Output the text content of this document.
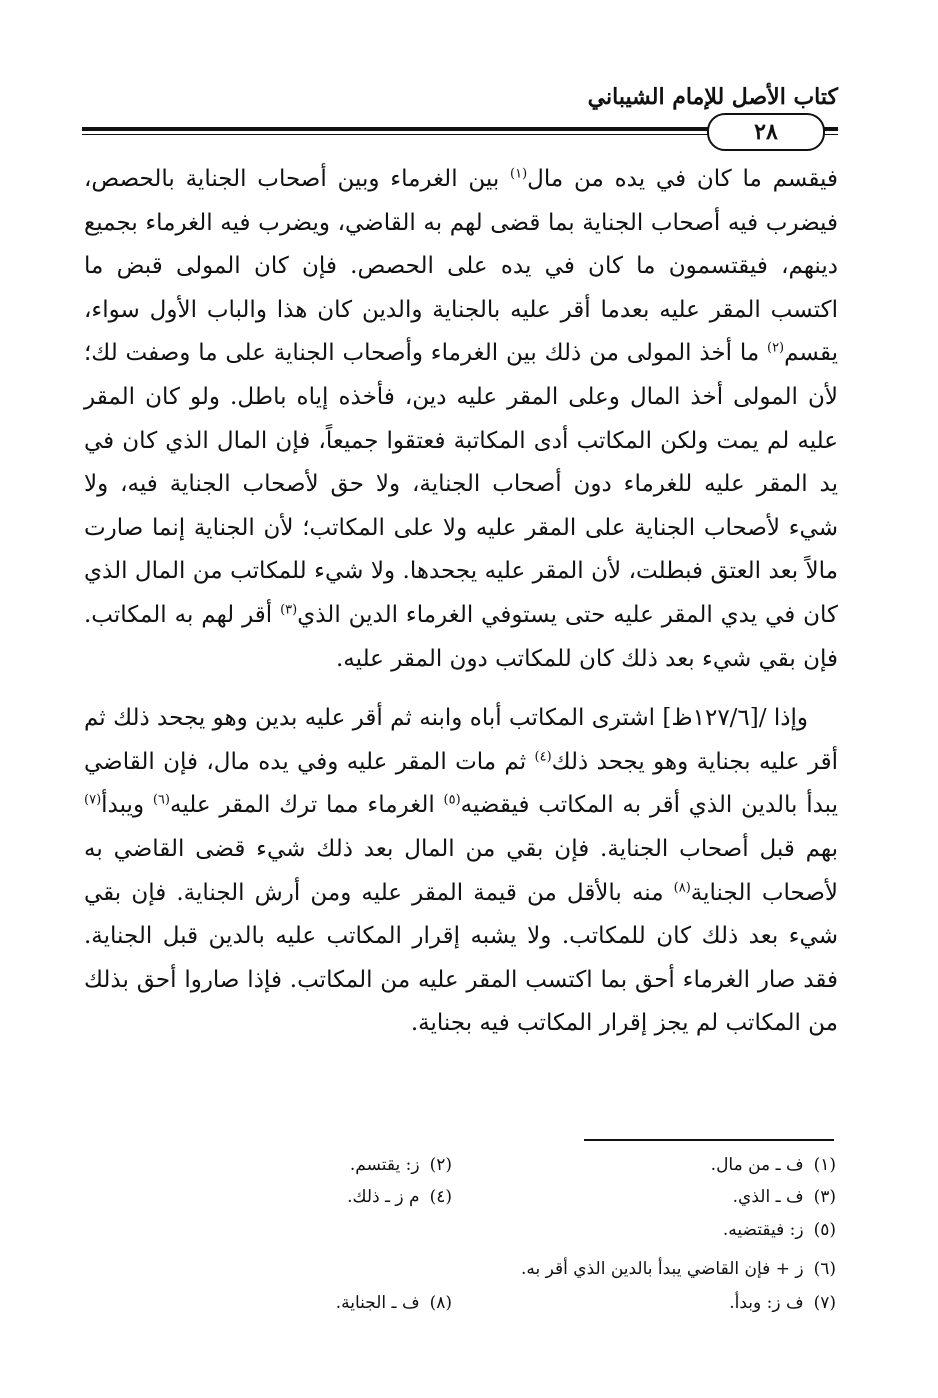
كتاب الأصل للإمام الشيباني
٢٨

فيقسم ما كان في يده من مال$^{(١)}$ بين الغرماء وبين أصحاب الجناية بالحصص، فيضرب فيه أصحاب الجناية بما قضى لهم به القاضي، ويضرب فيه الغرماء بجميع دينهم، فيقتسمون ما كان في يده على الحصص. فإن كان المولى قبض ما اكتسب المقر عليه بعدما أقر عليه بالجناية والدين كان هذا والباب الأول سواء، يقسم$^{(٢)}$ ما أخذ المولى من ذلك بين الغرماء وأصحاب الجناية على ما وصفت لك؛ لأن المولى أخذ المال وعلى المقر عليه دين، فأخذه إياه باطل. ولو كان المقر عليه لم يمت ولكن المكاتب أدى المكاتبة فعتقوا جميعاً، فإن المال الذي كان في يد المقر عليه للغرماء دون أصحاب الجناية، ولا حق لأصحاب الجناية فيه، ولا شيء لأصحاب الجناية على المقر عليه ولا على المكاتب؛ لأن الجناية إنما صارت مالاً بعد العتق فبطلت، لأن المقر عليه يجحدها. ولا شيء للمكاتب من المال الذي كان في يدي المقر عليه حتى يستوفي الغرماء الدين الذي$^{(٣)}$ أقر لهم به المكاتب. فإن بقي شيء بعد ذلك كان للمكاتب دون المقر عليه.

وإذا /[١٢٧/٦ظ] اشترى المكاتب أباه وابنه ثم أقر عليه بدين وهو يجحد ذلك ثم أقر عليه بجناية وهو يجحد ذلك$^{(٤)}$ ثم مات المقر عليه وفي يده مال، فإن القاضي يبدأ بالدين الذي أقر به المكاتب فيقضيه$^{(٥)}$ الغرماء مما ترك المقر عليه$^{(٦)}$ ويبدأ$^{(٧)}$ بهم قبل أصحاب الجناية. فإن بقي من المال بعد ذلك شيء قضى القاضي به لأصحاب الجناية$^{(٨)}$ منه بالأقل من قيمة المقر عليه ومن أرش الجناية. فإن بقي شيء بعد ذلك كان للمكاتب. ولا يشبه إقرار المكاتب عليه بالدين قبل الجناية. فقد صار الغرماء أحق بما اكتسب المقر عليه من المكاتب. فإذا صاروا أحق بذلك من المكاتب لم يجز إقرار المكاتب فيه بجناية.

(١)ف ـ من مال.
(٢)ز: يقتسم.
(٣)ف ـ الذي.
(٤)م ز ـ ذلك.
(٥)ز: فيقتضيه.
(٦)ز + فإن القاضي يبدأ بالدين الذي أقر به.
(٧)ف ز: وبدأ.
(٨)ف ـ الجناية.
